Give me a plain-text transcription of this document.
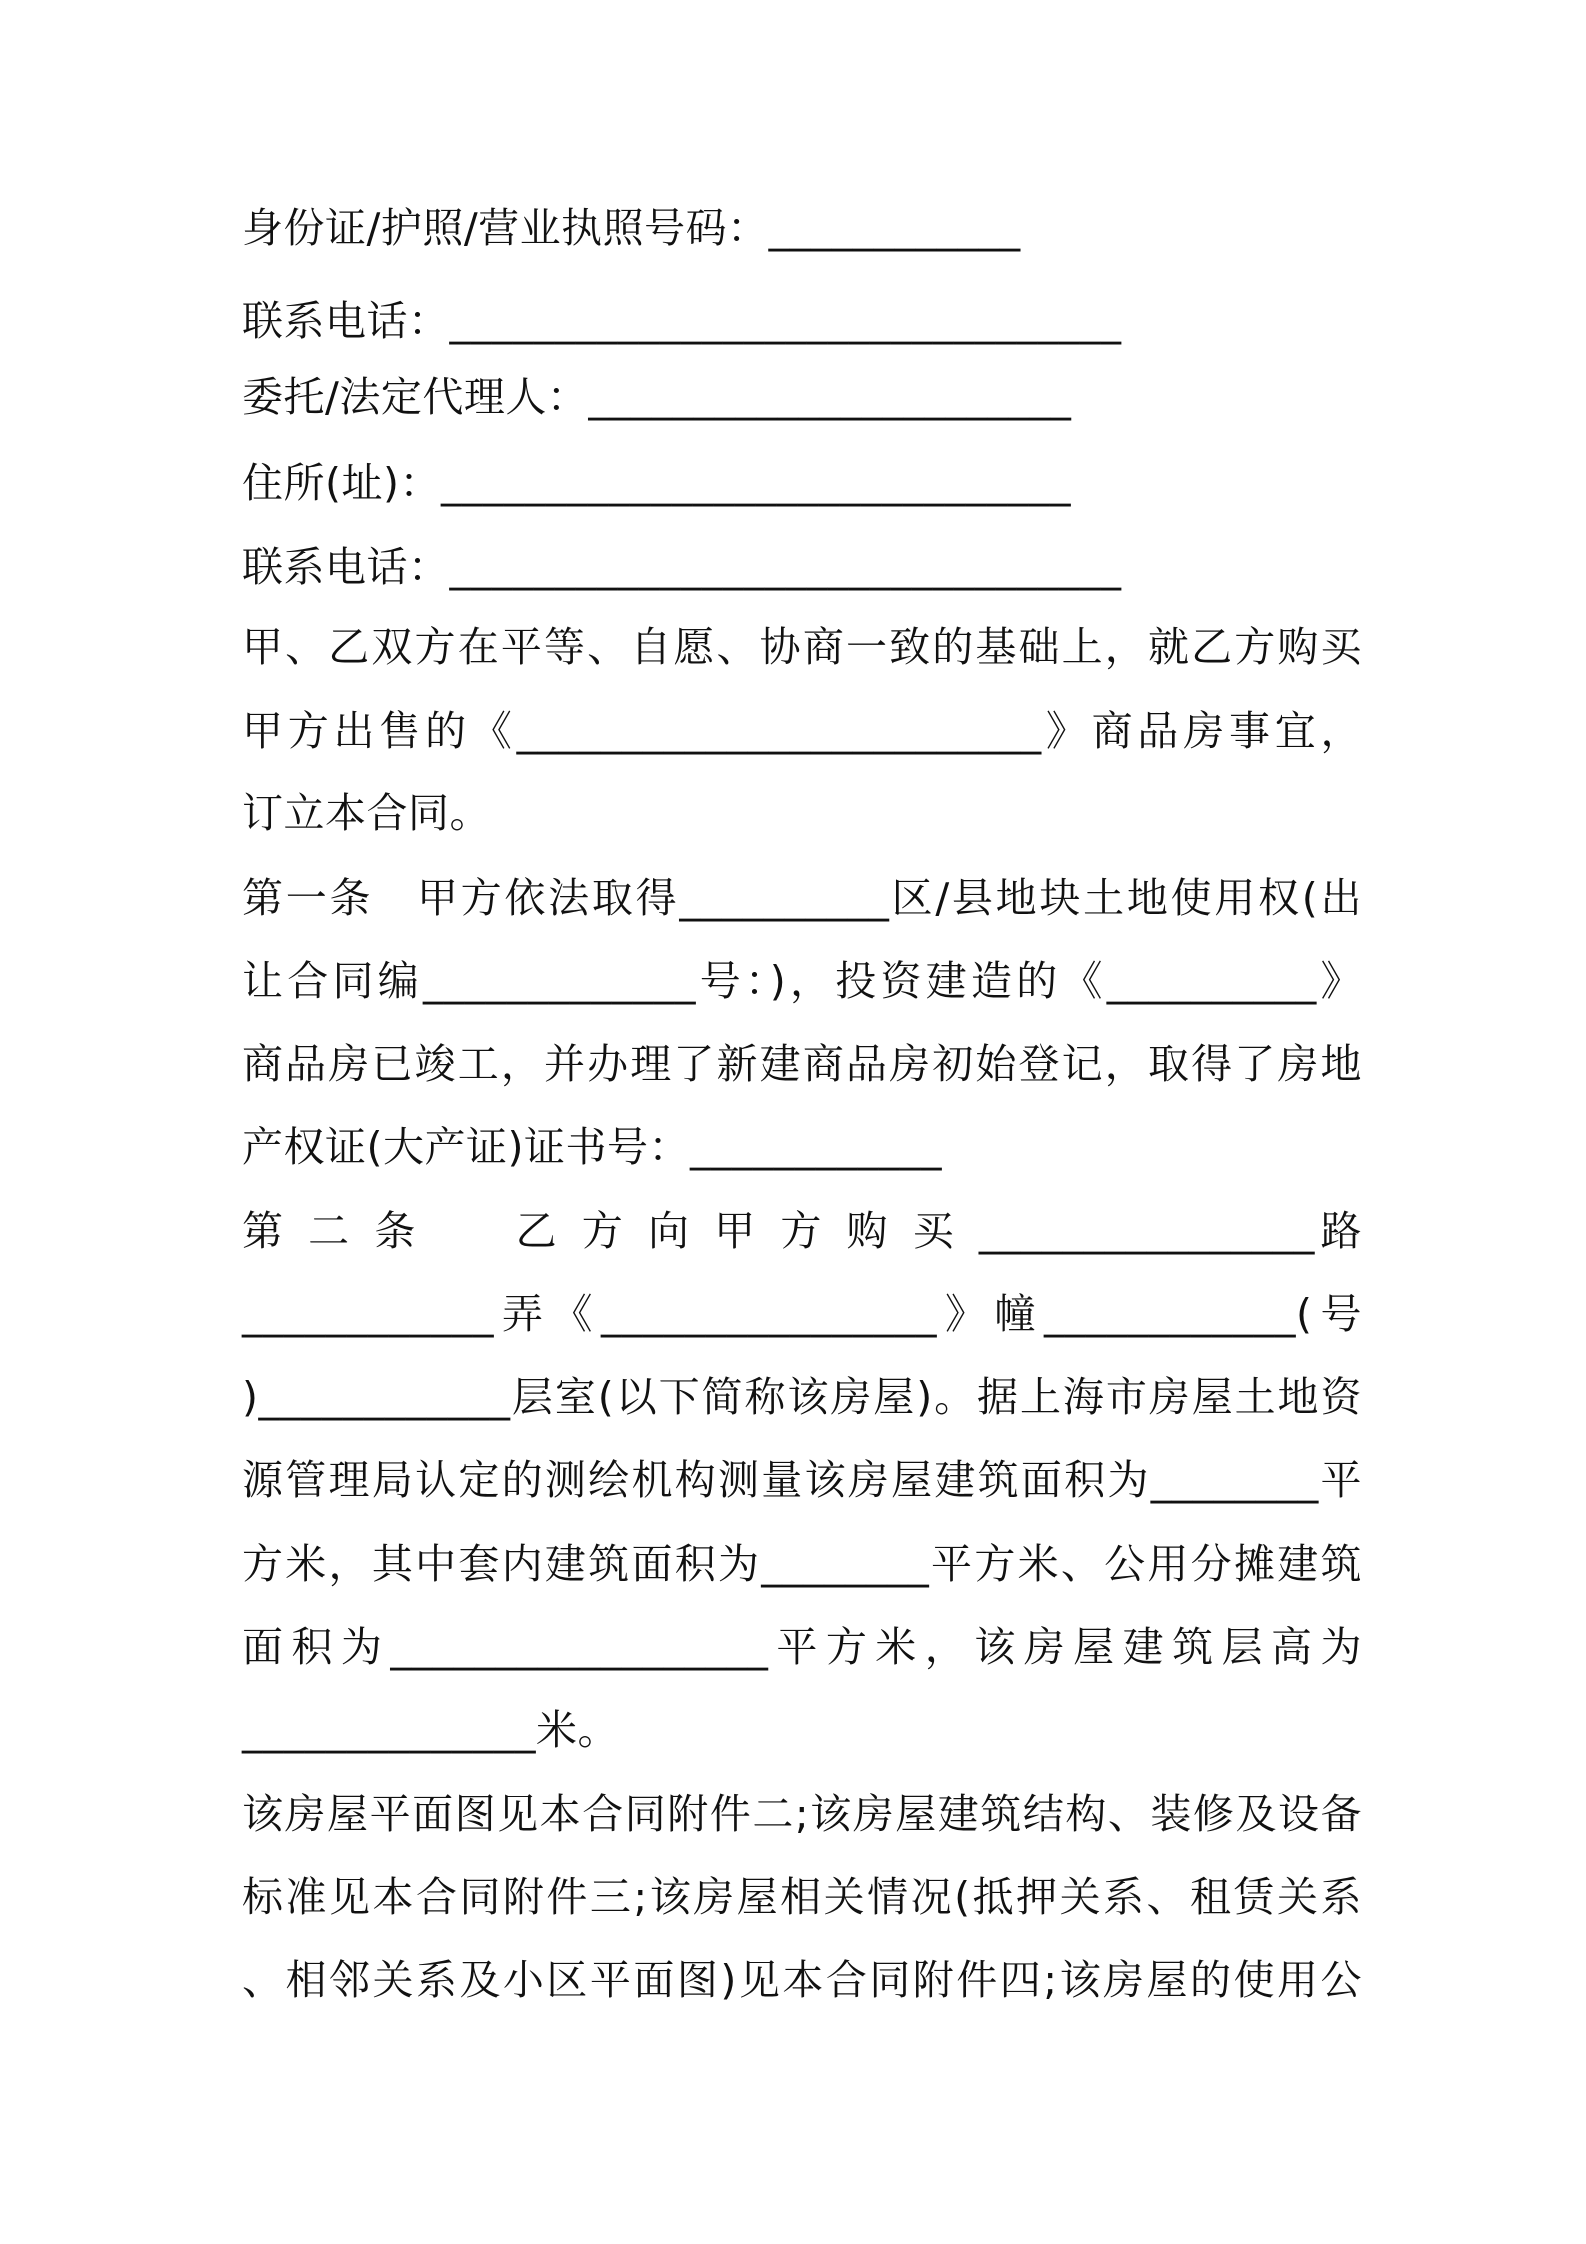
身份证/护照/营业执照号码：____________
联系电话：________________________________
委托/法定代理人：_______________________
住所(址)：______________________________
联系电话：________________________________
甲、乙双方在平等、自愿、协商一致的基础上，就乙方购买
甲方出售的《_________________________》商品房事宜，
订立本合同。
第一条　甲方依法取得__________区/县地块土地使用权(出
让合同编_____________号：)，投资建造的《__________》
商品房已竣工，并办理了新建商品房初始登记，取得了房地
产权证(大产证)证书号：____________
第 二 条　　乙 方 向 甲 方 购 买 ________________路
____________弄《________________》幢____________(号
)____________层室(以下简称该房屋)。据上海市房屋土地资
源管理局认定的测绘机构测量该房屋建筑面积为________平
方米，其中套内建筑面积为________平方米、公用分摊建筑
面积为__________________平方米，该房屋建筑层高为
______________米。
该房屋平面图见本合同附件二;该房屋建筑结构、装修及设备
标准见本合同附件三;该房屋相关情况(抵押关系、租赁关系
、相邻关系及小区平面图)见本合同附件四;该房屋的使用公
